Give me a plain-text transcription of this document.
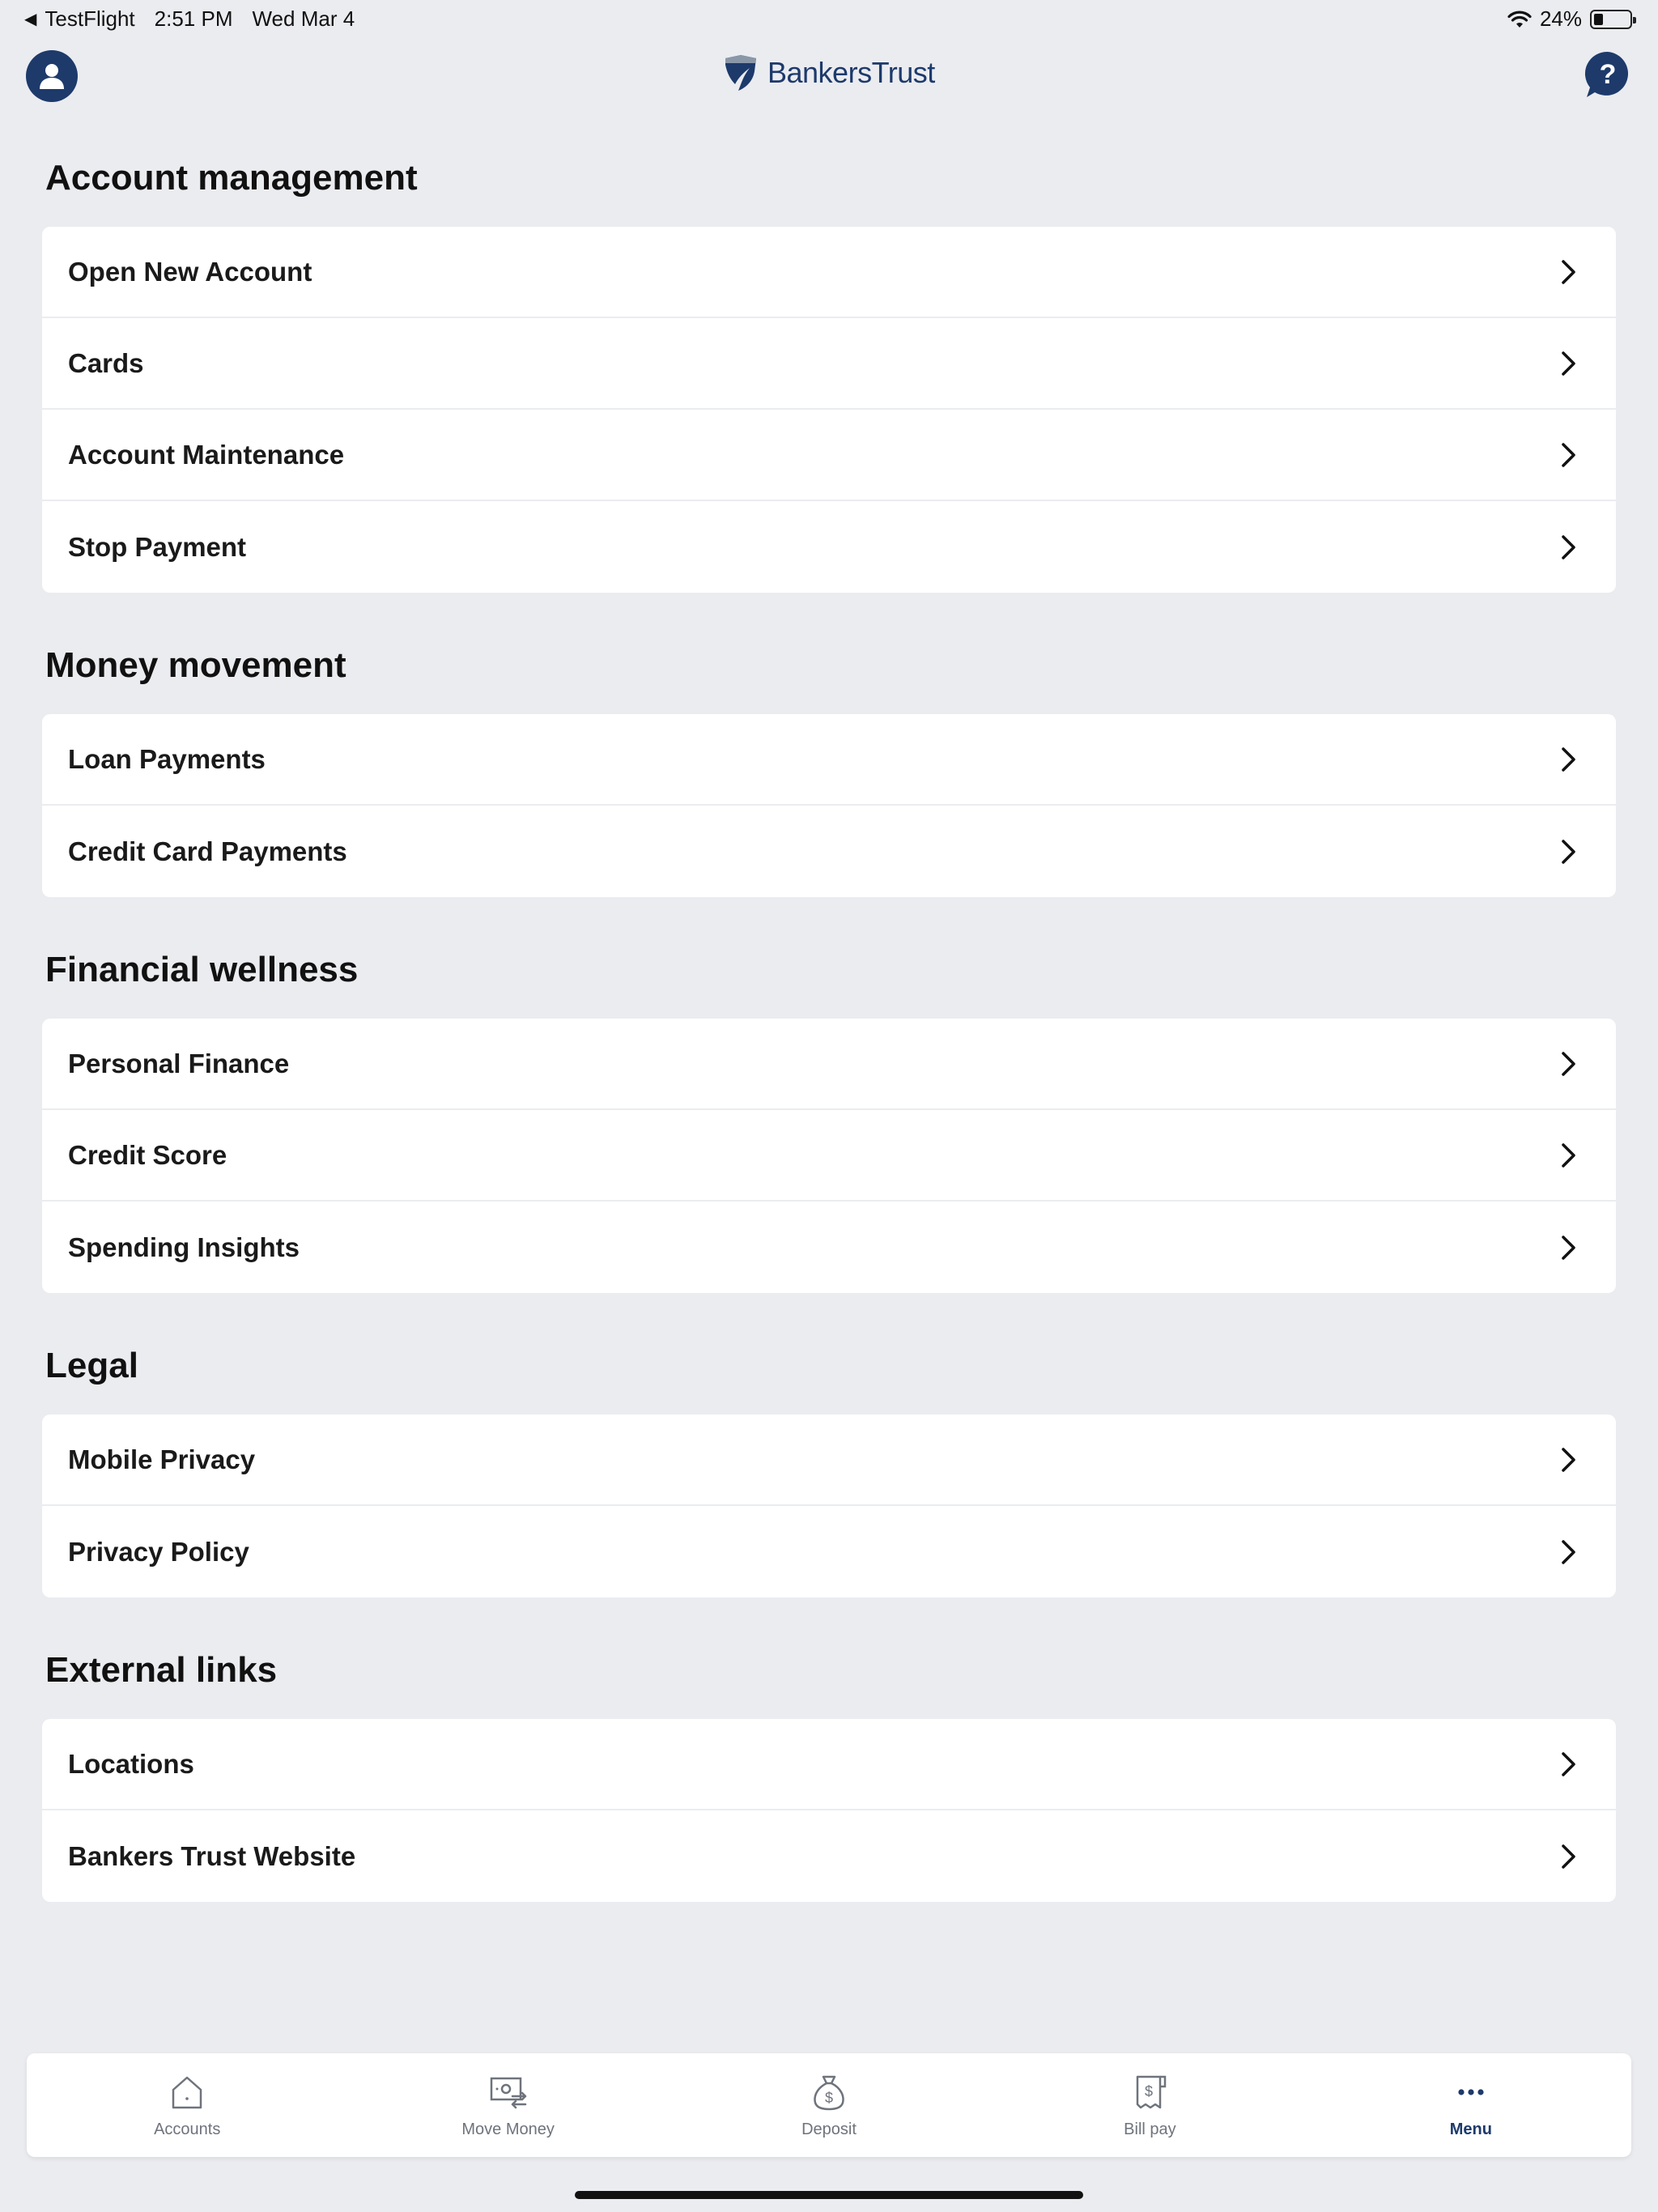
◀ TestFlight 2:51 PM Wed Mar 4	24%
BankersTrust	?
Account management
Open New Account
Cards
Account Maintenance
Stop Payment
Money movement
Loan Payments
Credit Card Payments
Financial wellness
Personal Finance
Credit Score
Spending Insights
Legal
Mobile Privacy
Privacy Policy
External links
Locations
Bankers Trust Website
Accounts	Move Money
$
Deposit
$
Bill pay	Menu
